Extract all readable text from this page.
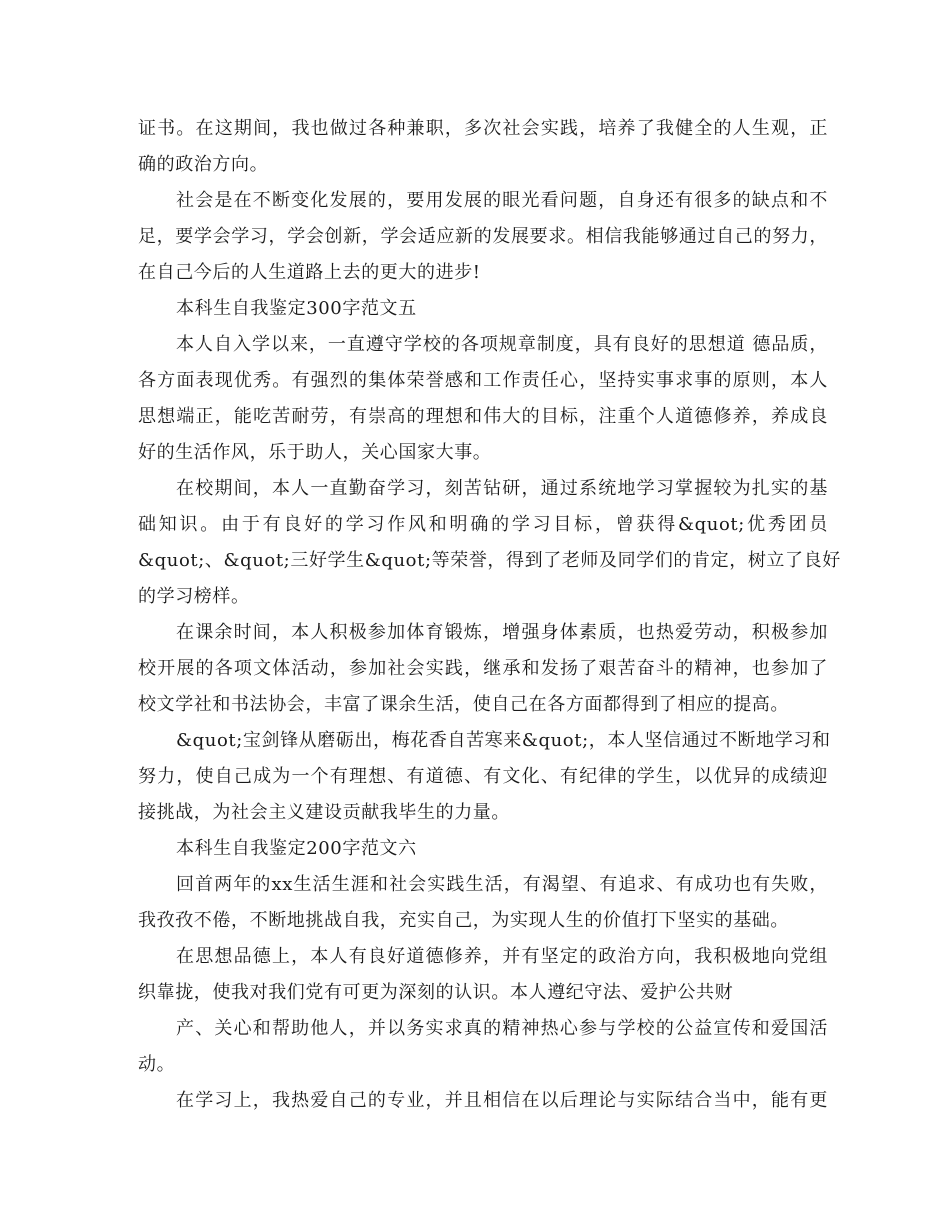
证书。在这期间，我也做过各种兼职，多次社会实践，培养了我健全的人生观，正
确的政治方向。
社会是在不断变化发展的，要用发展的眼光看问题，自身还有很多的缺点和不
足，要学会学习，学会创新，学会适应新的发展要求。相信我能够通过自己的努力，
在自己今后的人生道路上去的更大的进步!
本科生自我鉴定300字范文五
本人自入学以来，一直遵守学校的各项规章制度，具有良好的思想道 德品质，
各方面表现优秀。有强烈的集体荣誉感和工作责任心，坚持实事求事的原则，本人
思想端正，能吃苦耐劳，有崇高的理想和伟大的目标，注重个人道德修养，养成良
好的生活作风，乐于助人，关心国家大事。
在校期间，本人一直勤奋学习，刻苦钻研，通过系统地学习掌握较为扎实的基
础知识。由于有良好的学习作风和明确的学习目标，曾获得&quot;优秀团员
&quot;、&quot;三好学生&quot;等荣誉，得到了老师及同学们的肯定，树立了良好
的学习榜样。
在课余时间，本人积极参加体育锻炼，增强身体素质，也热爱劳动，积极参加
校开展的各项文体活动，参加社会实践，继承和发扬了艰苦奋斗的精神，也参加了
校文学社和书法协会，丰富了课余生活，使自己在各方面都得到了相应的提高。
&quot;宝剑锋从磨砺出，梅花香自苦寒来&quot;，本人坚信通过不断地学习和
努力，使自己成为一个有理想、有道德、有文化、有纪律的学生，以优异的成绩迎
接挑战，为社会主义建设贡献我毕生的力量。
本科生自我鉴定200字范文六
回首两年的xx生活生涯和社会实践生活，有渴望、有追求、有成功也有失败，
我孜孜不倦，不断地挑战自我，充实自己，为实现人生的价值打下坚实的基础。
在思想品德上，本人有良好道德修养，并有坚定的政治方向，我积极地向党组
织靠拢，使我对我们党有可更为深刻的认识。本人遵纪守法、爱护公共财
产、关心和帮助他人，并以务实求真的精神热心参与学校的公益宣传和爱国活
动。
在学习上，我热爱自己的专业，并且相信在以后理论与实际结合当中，能有更
